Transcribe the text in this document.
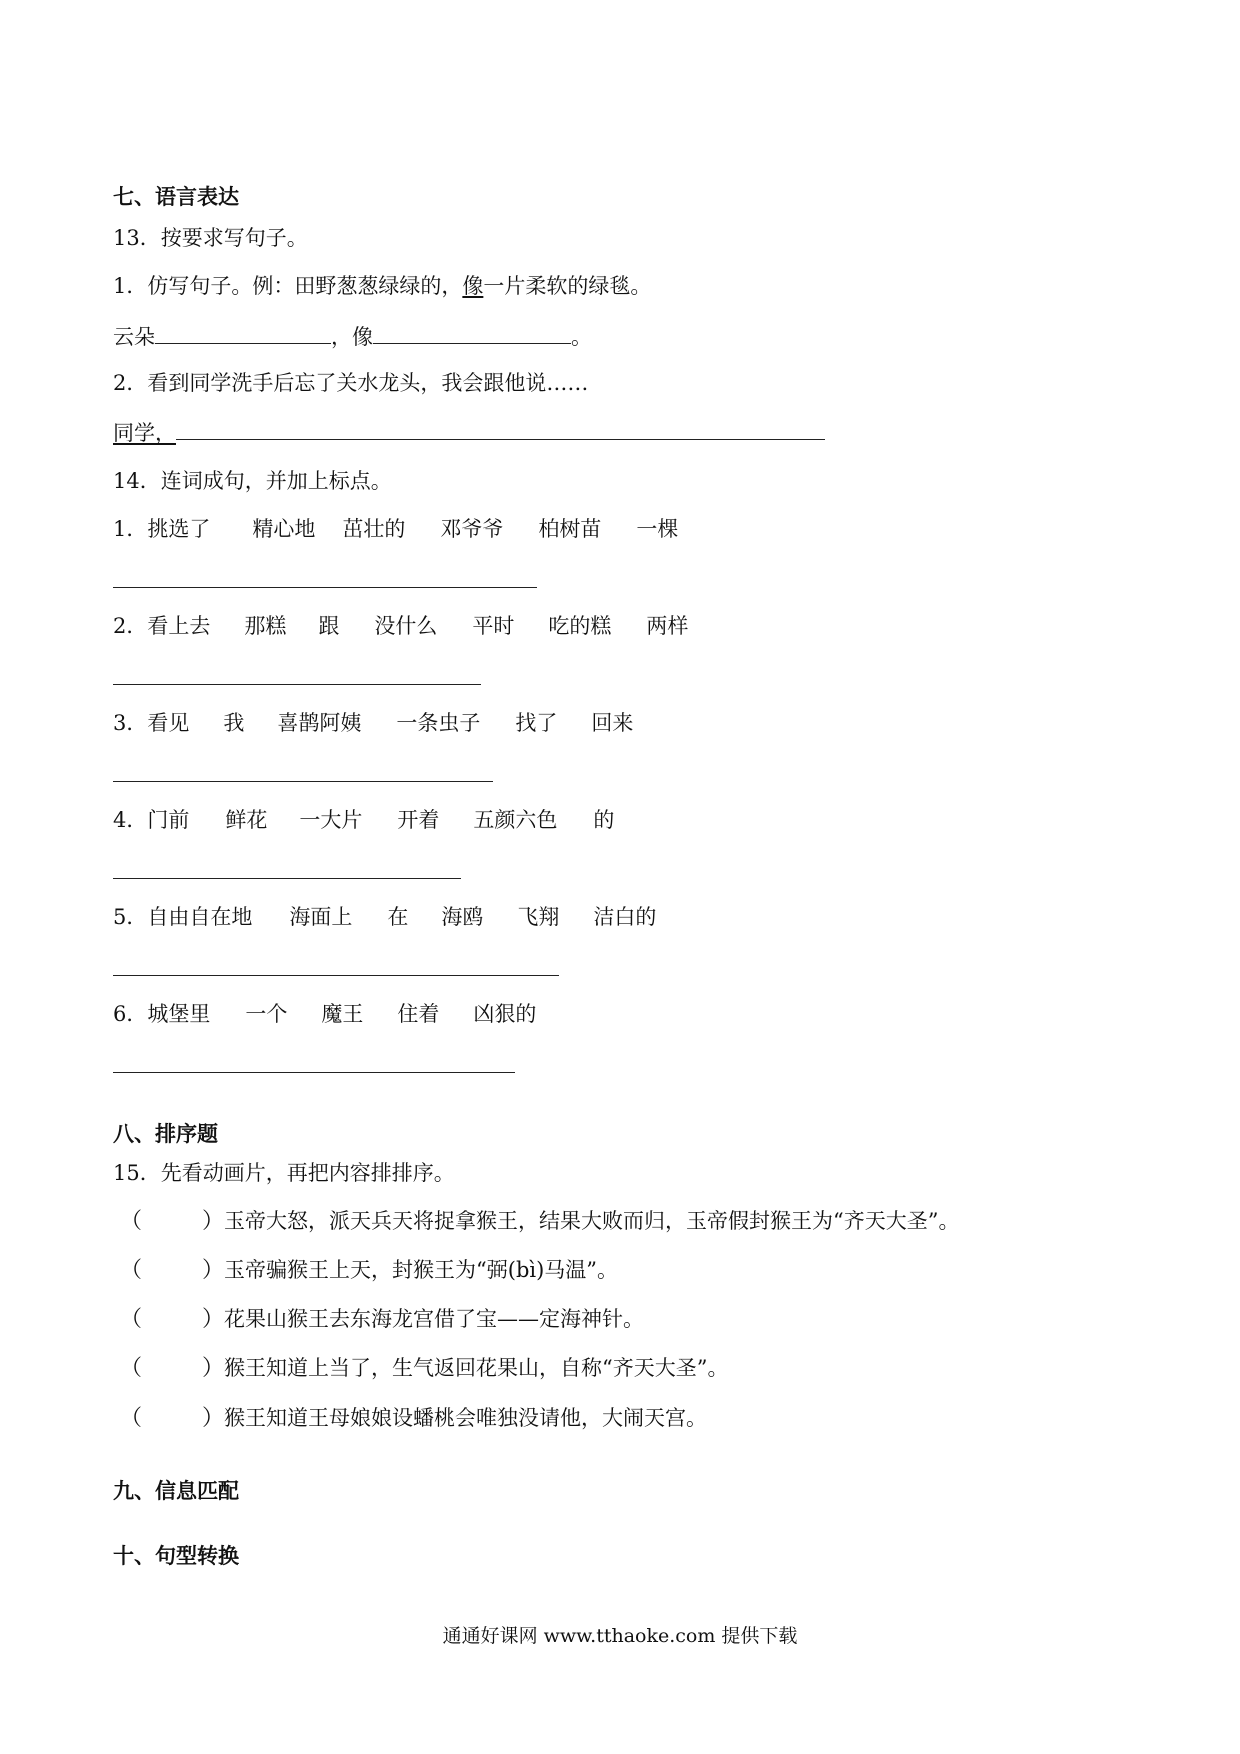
七、语言表达
13．按要求写句子。
1．仿写句子。例：田野葱葱绿绿的，像一片柔软的绿毯。
云朵	，像	。
2．看到同学洗手后忘了关水龙头，我会跟他说……
同学，
14．连词成句，并加上标点。
1．挑选了 精心地 茁壮的 邓爷爷 柏树苗 一棵
2．看上去 那糕 跟 没什么 平时 吃的糕 两样
3．看见 我 喜鹊阿姨 一条虫子 找了 回来
4．门前 鲜花 一大片 开着 五颜六色 的
5．自由自在地 海面上 在 海鸥 飞翔 洁白的
6．城堡里 一个 魔王 住着 凶狠的
八、排序题
15．先看动画片，再把内容排排序。
（	）玉帝大怒，派天兵天将捉拿猴王，结果大败而归，玉帝假封猴王为“齐天大圣”。
（	）玉帝骗猴王上天，封猴王为“弼(bì)马温”。
（	）花果山猴王去东海龙宫借了宝——定海神针。
（	）猴王知道上当了，生气返回花果山，自称“齐天大圣”。
（	）猴王知道王母娘娘设蟠桃会唯独没请他，大闹天宫。
九、信息匹配
十、句型转换
通通好课网 www.tthaoke.com 提供下载
